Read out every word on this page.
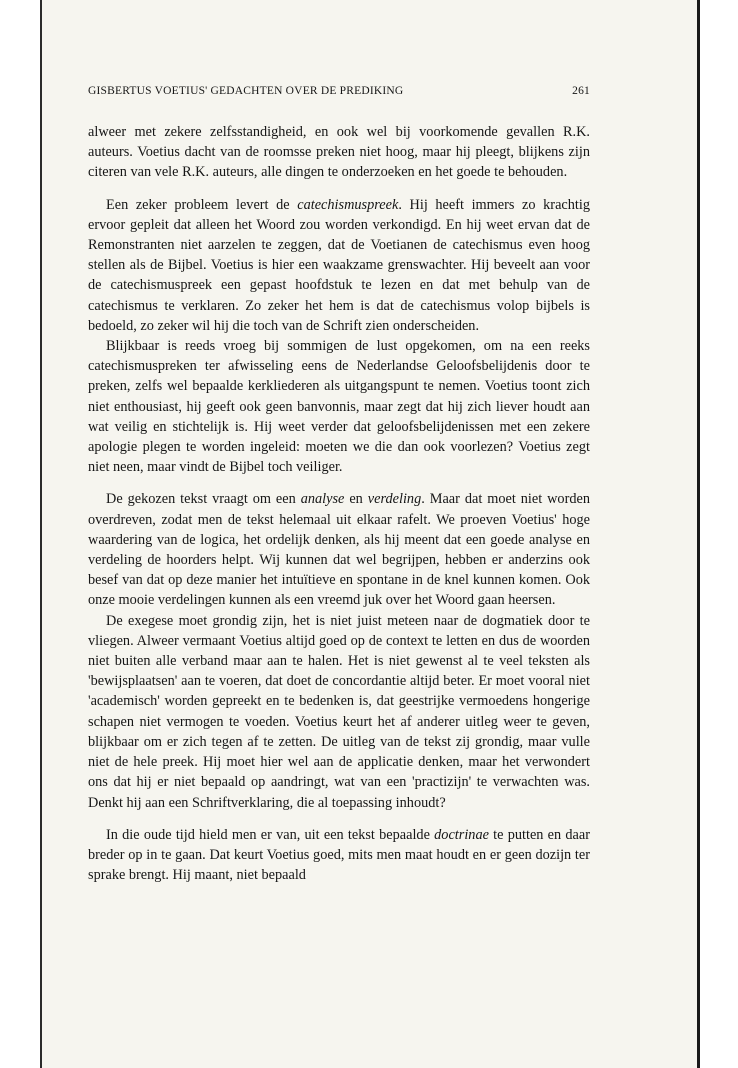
GISBERTUS VOETIUS' GEDACHTEN OVER DE PREDIKING	261

alweer met zekere zelfsstandigheid, en ook wel bij voorkomende gevallen R.K. auteurs. Voetius dacht van de roomsse preken niet hoog, maar hij pleegt, blijkens zijn citeren van vele R.K. auteurs, alle dingen te onderzoeken en het goede te behouden.

Een zeker probleem levert de catechismuspreek. Hij heeft immers zo krachtig ervoor gepleit dat alleen het Woord zou worden verkondigd. En hij weet ervan dat de Remonstranten niet aarzelen te zeggen, dat de Voetianen de catechismus even hoog stellen als de Bijbel. Voetius is hier een waakzame grenswachter. Hij beveelt aan voor de catechismuspreek een gepast hoofdstuk te lezen en dat met behulp van de catechismus te verklaren. Zo zeker het hem is dat de catechismus volop bijbels is bedoeld, zo zeker wil hij die toch van de Schrift zien onderscheiden.

Blijkbaar is reeds vroeg bij sommigen de lust opgekomen, om na een reeks catechismuspreken ter afwisseling eens de Nederlandse Geloofsbelijdenis door te preken, zelfs wel bepaalde kerkliederen als uitgangspunt te nemen. Voetius toont zich niet enthousiast, hij geeft ook geen banvonnis, maar zegt dat hij zich liever houdt aan wat veilig en stichtelijk is. Hij weet verder dat geloofsbelijdenissen met een zekere apologie plegen te worden ingeleid: moeten we die dan ook voorlezen? Voetius zegt niet neen, maar vindt de Bijbel toch veiliger.

De gekozen tekst vraagt om een analyse en verdeling. Maar dat moet niet worden overdreven, zodat men de tekst helemaal uit elkaar rafelt. We proeven Voetius' hoge waardering van de logica, het ordelijk denken, als hij meent dat een goede analyse en verdeling de hoorders helpt. Wij kunnen dat wel begrijpen, hebben er anderzins ook besef van dat op deze manier het intuïtieve en spontane in de knel kunnen komen. Ook onze mooie verdelingen kunnen als een vreemd juk over het Woord gaan heersen.

De exegese moet grondig zijn, het is niet juist meteen naar de dogmatiek door te vliegen. Alweer vermaant Voetius altijd goed op de context te letten en dus de woorden niet buiten alle verband maar aan te halen. Het is niet gewenst al te veel teksten als 'bewijsplaatsen' aan te voeren, dat doet de concordantie altijd beter. Er moet vooral niet 'academisch' worden gepreekt en te bedenken is, dat geestrijke vermoedens hongerige schapen niet vermogen te voeden. Voetius keurt het af anderer uitleg weer te geven, blijkbaar om er zich tegen af te zetten. De uitleg van de tekst zij grondig, maar vulle niet de hele preek. Hij moet hier wel aan de applicatie denken, maar het verwondert ons dat hij er niet bepaald op aandringt, wat van een 'practizijn' te verwachten was. Denkt hij aan een Schriftverklaring, die al toepassing inhoudt?

In die oude tijd hield men er van, uit een tekst bepaalde doctrinae te putten en daar breder op in te gaan. Dat keurt Voetius goed, mits men maat houdt en er geen dozijn ter sprake brengt. Hij maant, niet bepaald
